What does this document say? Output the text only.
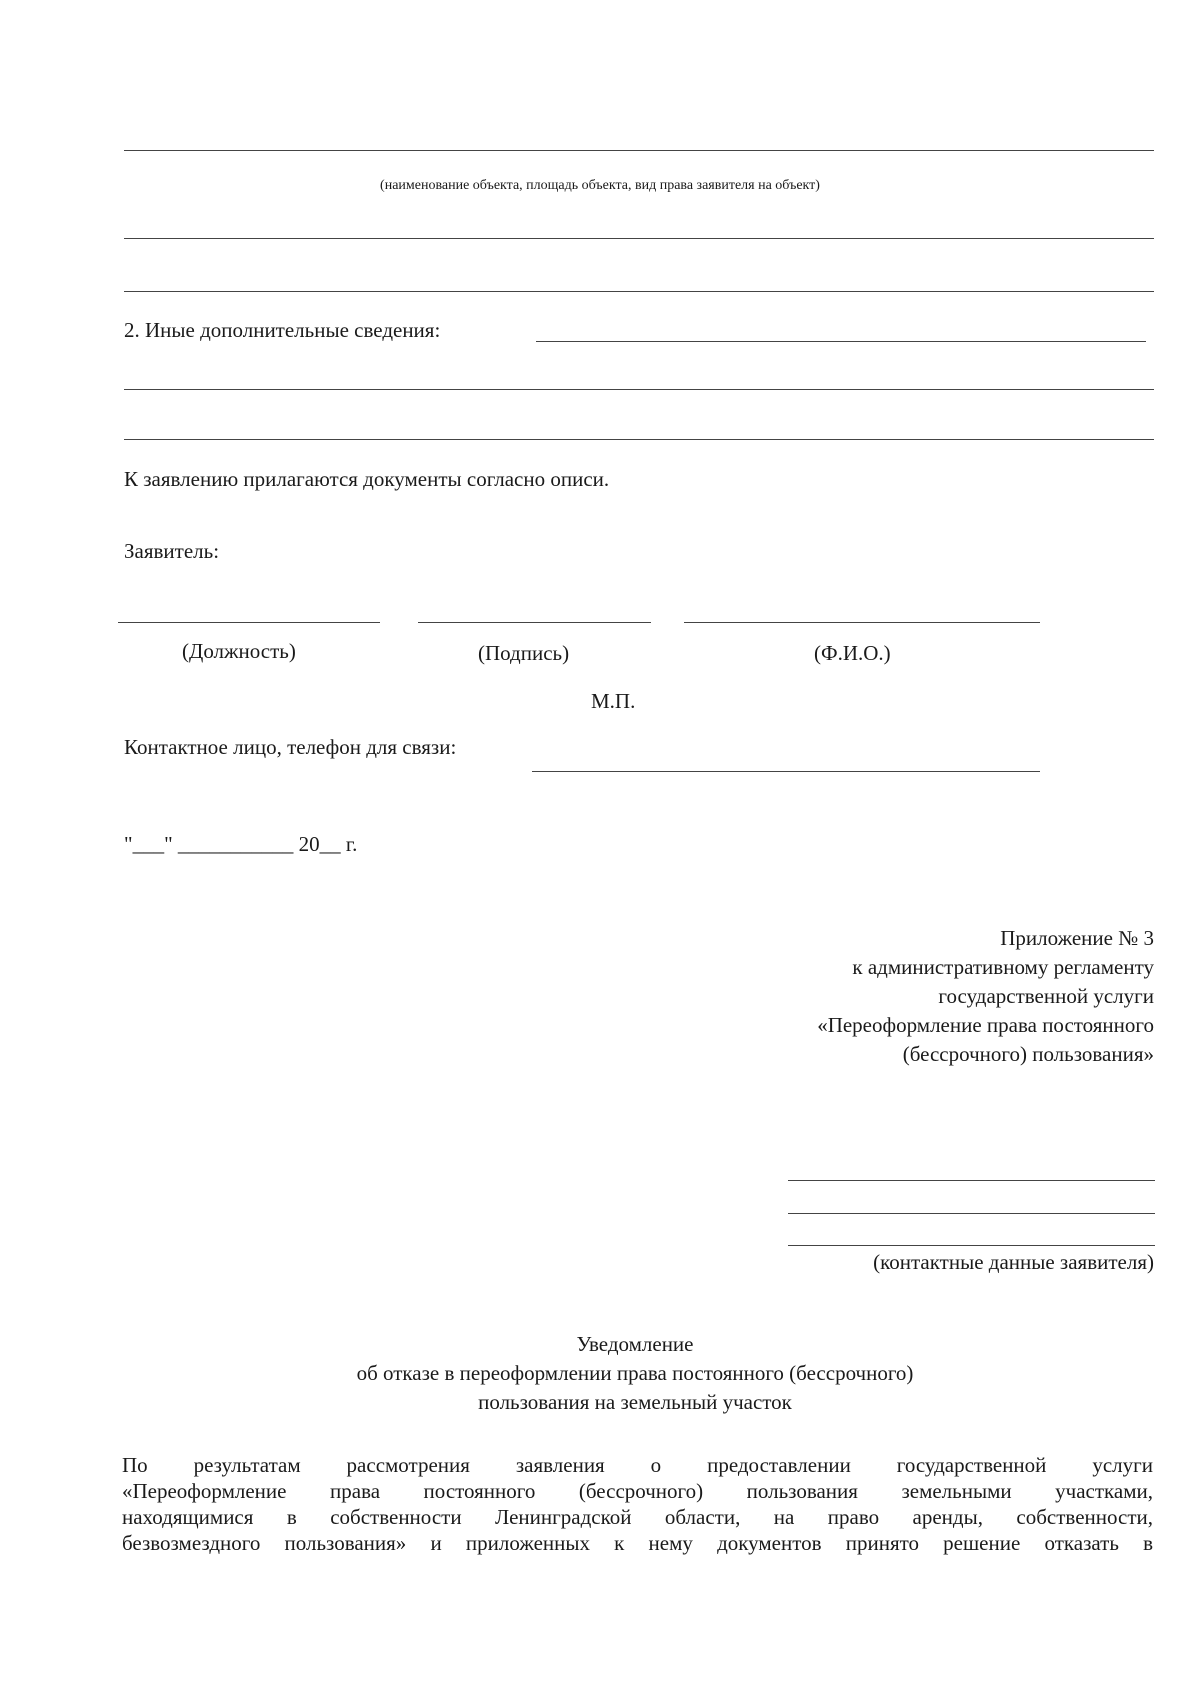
(наименование объекта, площадь объекта, вид права заявителя на объект)
2. Иные дополнительные сведения:
К заявлению прилагаются документы согласно описи.
Заявитель:
(Должность)	(Подпись)	(Ф.И.О.)
М.П.
Контактное лицо, телефон для связи:
"___" ___________ 20__ г.
Приложение № 3
к административному регламенту
государственной услуги
«Переоформление права постоянного
(бессрочного) пользования»
(контактные данные заявителя)
Уведомление
об отказе в переоформлении права постоянного (бессрочного)
пользования на земельный участок
По результатам рассмотрения заявления о предоставлении государственной услуги
«Переоформление права постоянного (бессрочного) пользования земельными участками,
находящимися в собственности Ленинградской области, на право аренды, собственности,
безвозмездного пользования» и приложенных к нему документов принято решение отказать в
